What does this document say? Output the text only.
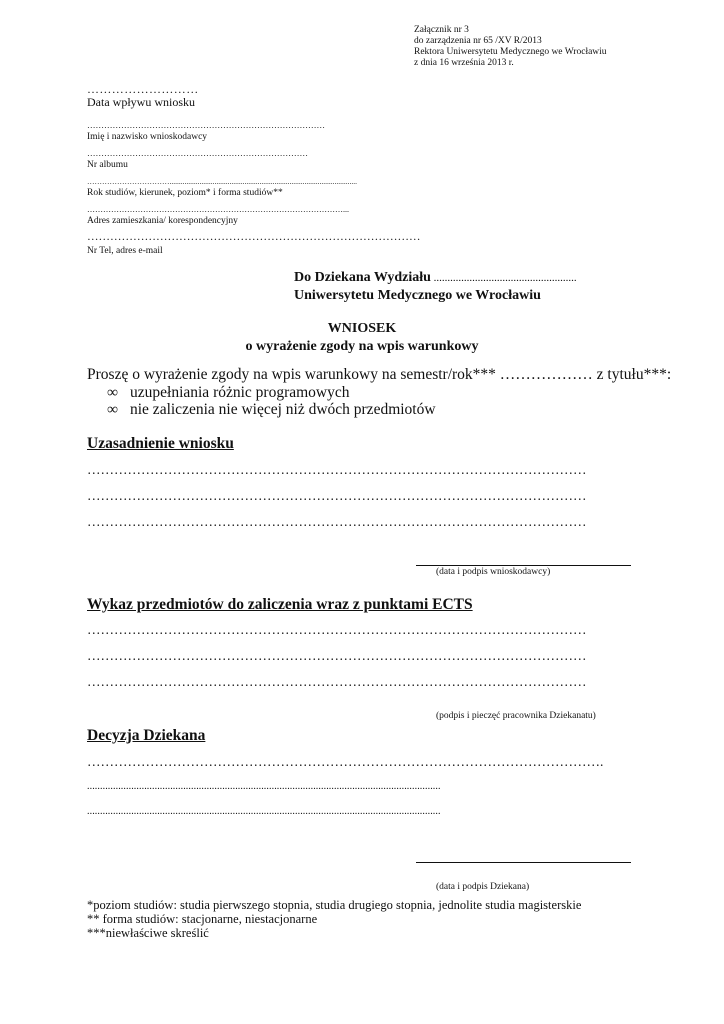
Załącznik nr 3
do zarządzenia nr 65 /XV R/2013
Rektora Uniwersytetu Medycznego we Wrocławiu
z dnia 16 września 2013 r.
………………………
Data wpływu wniosku
…………………………………………………………………………
Imię i nazwisko wnioskodawcy
……………………………………………………………………
Nr albumu
……………………………....................................................................................................
Rok studiów, kierunek, poziom* i forma studiów**
……………………………………………………………………………………...
Adres zamieszkania/ korespondencyjny
……………………………………………………………………………
Nr Tel, adres e-mail
Do Dziekana Wydziału ....................................................
Uniwersytetu Medycznego we Wrocławiu
WNIOSEK
o wyrażenie zgody na wpis warunkowy
Proszę o wyrażenie zgody na wpis warunkowy na semestr/rok*** ……………… z tytułu***:
∞ uzupełniania różnic programowych
∞ nie zaliczenia nie więcej niż dwóch przedmiotów
Uzasadnienie wniosku
…………………………………………………………………………………………………
…………………………………………………………………………………………………
…………………………………………………………………………………………………
(data i podpis wnioskodawcy)
Wykaz przedmiotów do zaliczenia wraz z punktami ECTS
…………………………………………………………………………………………………
…………………………………………………………………………………………………
…………………………………………………………………………………………………
(podpis i pieczęć pracownika Dziekanatu)
Decyzja Dziekana
…………………………………………………………………………………………………….
........................................................................................................................................
........................................................................................................................................
(data i podpis Dziekana)
*poziom studiów: studia pierwszego stopnia, studia drugiego stopnia, jednolite studia magisterskie
** forma studiów: stacjonarne, niestacjonarne
***niewłaściwe skreślić
